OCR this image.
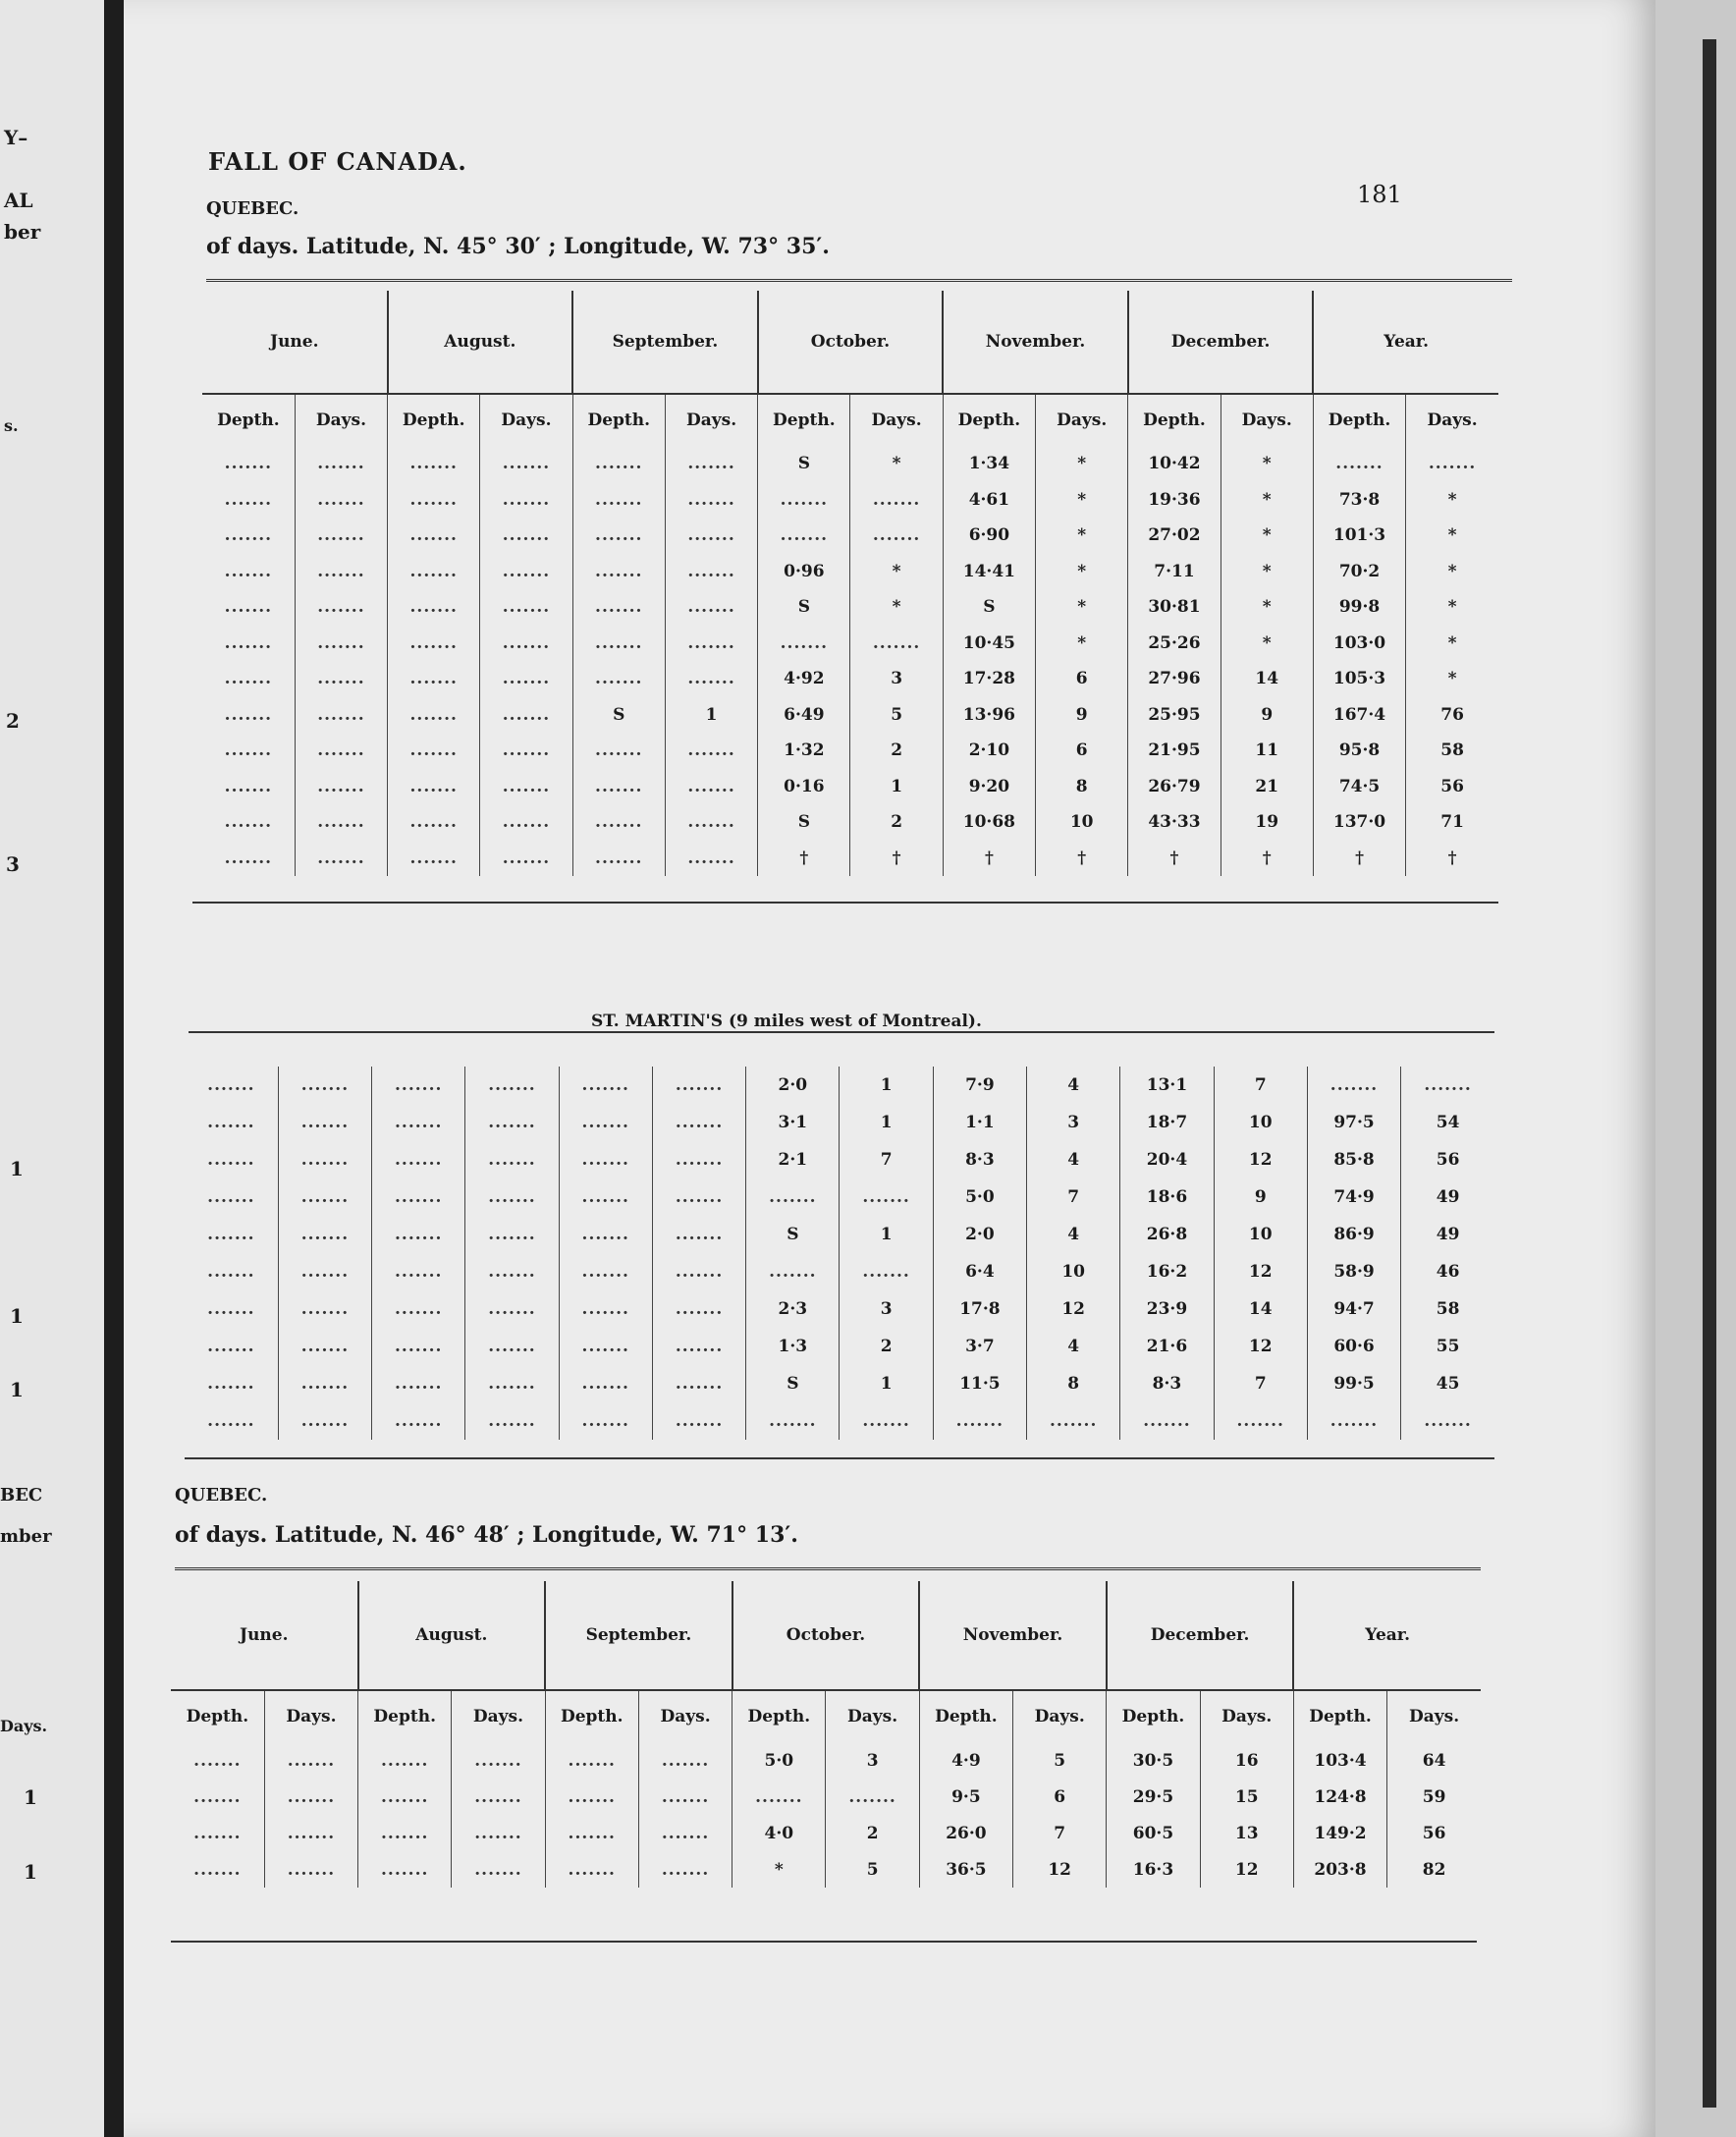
Y–
AL
ber
s.
2
3
1
1
1
BEC
mber
Days.
1
1
FALL OF CANADA.
181
QUEBEC.
of days. Latitude, N. 45° 30′ ; Longitude, W. 73° 35′.
June.		August.		September.		October.		November.		December.		Year.	
Depth.	Days.	Depth.	Days.	Depth.	Days.	Depth.	Days.	Depth.	Days.	Depth.	Days.	Depth.	Days.
.......	.......	.......	.......	.......	.......	S	*	1·34	*	10·42	*	.......	.......
.......	.......	.......	.......	.......	.......	.......	.......	4·61	*	19·36	*	73·8	*
.......	.......	.......	.......	.......	.......	.......	.......	6·90	*	27·02	*	101·3	*
.......	.......	.......	.......	.......	.......	0·96	*	14·41	*	7·11	*	70·2	*
.......	.......	.......	.......	.......	.......	S	*	S	*	30·81	*	99·8	*
.......	.......	.......	.......	.......	.......	.......	.......	10·45	*	25·26	*	103·0	*
.......	.......	.......	.......	.......	.......	4·92	3	17·28	6	27·96	14	105·3	*
.......	.......	.......	.......	S	1	6·49	5	13·96	9	25·95	9	167·4	76
.......	.......	.......	.......	.......	.......	1·32	2	2·10	6	21·95	11	95·8	58
.......	.......	.......	.......	.......	.......	0·16	1	9·20	8	26·79	21	74·5	56
.......	.......	.......	.......	.......	.......	S	2	10·68	10	43·33	19	137·0	71
.......	.......	.......	.......	.......	.......	†	†	†	†	†	†	†	†
ST. MARTIN'S (9 miles west of Montreal).
.......	.......	.......	.......	.......	.......	2·0	1	7·9	4	13·1	7	.......	.......
.......	.......	.......	.......	.......	.......	3·1	1	1·1	3	18·7	10	97·5	54
.......	.......	.......	.......	.......	.......	2·1	7	8·3	4	20·4	12	85·8	56
.......	.......	.......	.......	.......	.......	.......	.......	5·0	7	18·6	9	74·9	49
.......	.......	.......	.......	.......	.......	S	1	2·0	4	26·8	10	86·9	49
.......	.......	.......	.......	.......	.......	.......	.......	6·4	10	16·2	12	58·9	46
.......	.......	.......	.......	.......	.......	2·3	3	17·8	12	23·9	14	94·7	58
.......	.......	.......	.......	.......	.......	1·3	2	3·7	4	21·6	12	60·6	55
.......	.......	.......	.......	.......	.......	S	1	11·5	8	8·3	7	99·5	45
.......	.......	.......	.......	.......	.......	.......	.......	.......	.......	.......	.......	.......	.......
QUEBEC.
of days. Latitude, N. 46° 48′ ; Longitude, W. 71° 13′.
June.		August.		September.		October.		November.		December.		Year.	
Depth.	Days.	Depth.	Days.	Depth.	Days.	Depth.	Days.	Depth.	Days.	Depth.	Days.	Depth.	Days.
.......	.......	.......	.......	.......	.......	5·0	3	4·9	5	30·5	16	103·4	64
.......	.......	.......	.......	.......	.......	.......	.......	9·5	6	29·5	15	124·8	59
.......	.......	.......	.......	.......	.......	4·0	2	26·0	7	60·5	13	149·2	56
.......	.......	.......	.......	.......	.......	*	5	36·5	12	16·3	12	203·8	82
